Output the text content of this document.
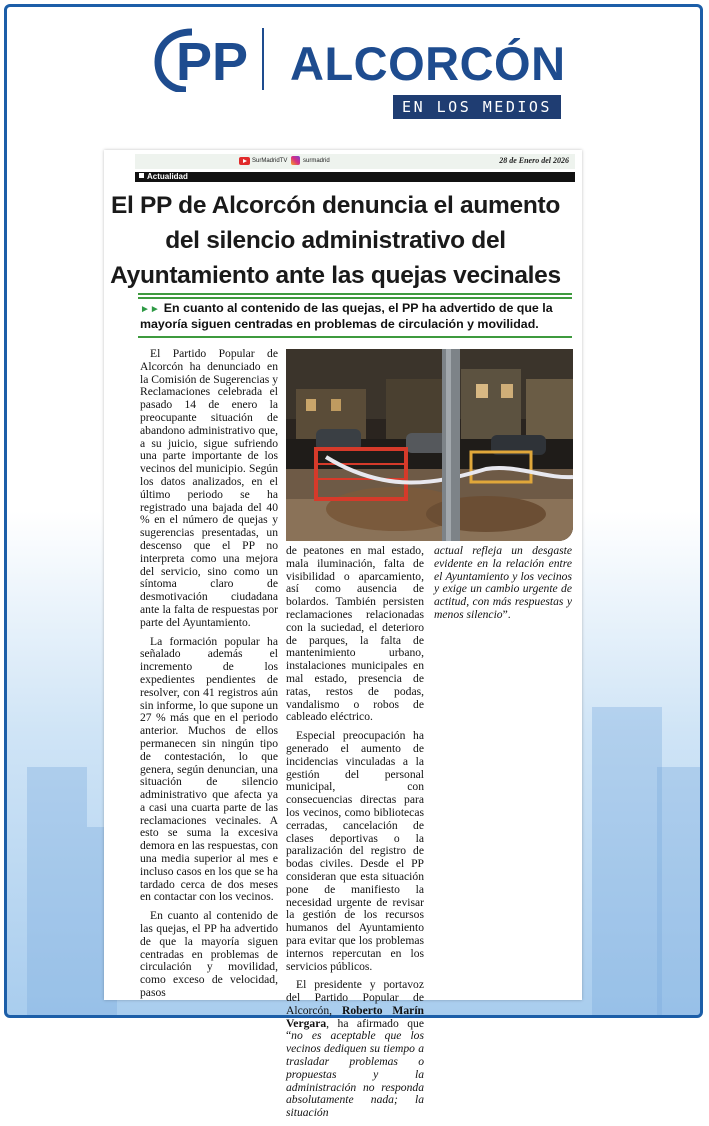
PP ALCORCÓN
EN LOS MEDIOS
SurMadridTV	surmadrid	28 de Enero del 2026
Actualidad
El PP de Alcorcón denuncia el aumento
del silencio administrativo del
Ayuntamiento ante las quejas vecinales
►► En cuanto al contenido de las quejas, el PP ha advertido de que la mayoría siguen centradas en problemas de circulación y movilidad.

El Partido Popular de Alcorcón ha denunciado en la Comisión de Sugerencias y Reclamaciones celebrada el pasado 14 de enero la preocupante situación de abandono administrativo que, a su juicio, sigue sufriendo una parte importante de los vecinos del municipio. Según los datos analizados, en el último periodo se ha registrado una bajada del 40 % en el número de quejas y sugerencias presentadas, un descenso que el PP no interpreta como una mejora del servicio, sino como un síntoma claro de desmotivación ciudadana ante la falta de respuestas por parte del Ayuntamiento.

La formación popular ha señalado además el incremento de los expedientes pendientes de resolver, con 41 registros aún sin informe, lo que supone un 27 % más que en el periodo anterior. Muchos de ellos permanecen sin ningún tipo de contestación, lo que genera, según denuncian, una situación de silencio administrativo que afecta ya a casi una cuarta parte de las reclamaciones vecinales. A esto se suma la excesiva demora en las respuestas, con una media superior al mes e incluso casos en los que se ha tardado cerca de dos meses en contactar con los vecinos.

En cuanto al contenido de las quejas, el PP ha advertido de que la mayoría siguen centradas en problemas de circulación y movilidad, como exceso de velocidad, pasos

de peatones en mal estado, mala iluminación, falta de visibilidad o aparcamiento, así como ausencia de bolardos. También persisten reclamaciones relacionadas con la suciedad, el deterioro de parques, la falta de mantenimiento urbano, instalaciones municipales en mal estado, presencia de ratas, restos de podas, vandalismo o robos de cableado eléctrico.

Especial preocupación ha generado el aumento de incidencias vinculadas a la gestión del personal municipal, con consecuencias directas para los vecinos, como bibliotecas cerradas, cancelación de clases deportivas o la paralización del registro de bodas civiles. Desde el PP consideran que esta situación pone de manifiesto la necesidad urgente de revisar la gestión de los recursos humanos del Ayuntamiento para evitar que los problemas internos repercutan en los servicios públicos.

El presidente y portavoz del Partido Popular de Alcorcón, Roberto Marín Vergara, ha afirmado que “no es aceptable que los vecinos dediquen su tiempo a trasladar problemas o propuestas y la administración no responda absolutamente nada; la situación

actual refleja un desgaste evidente en la relación entre el Ayuntamiento y los vecinos y exige un cambio urgente de actitud, con más respuestas y menos silencio”.
